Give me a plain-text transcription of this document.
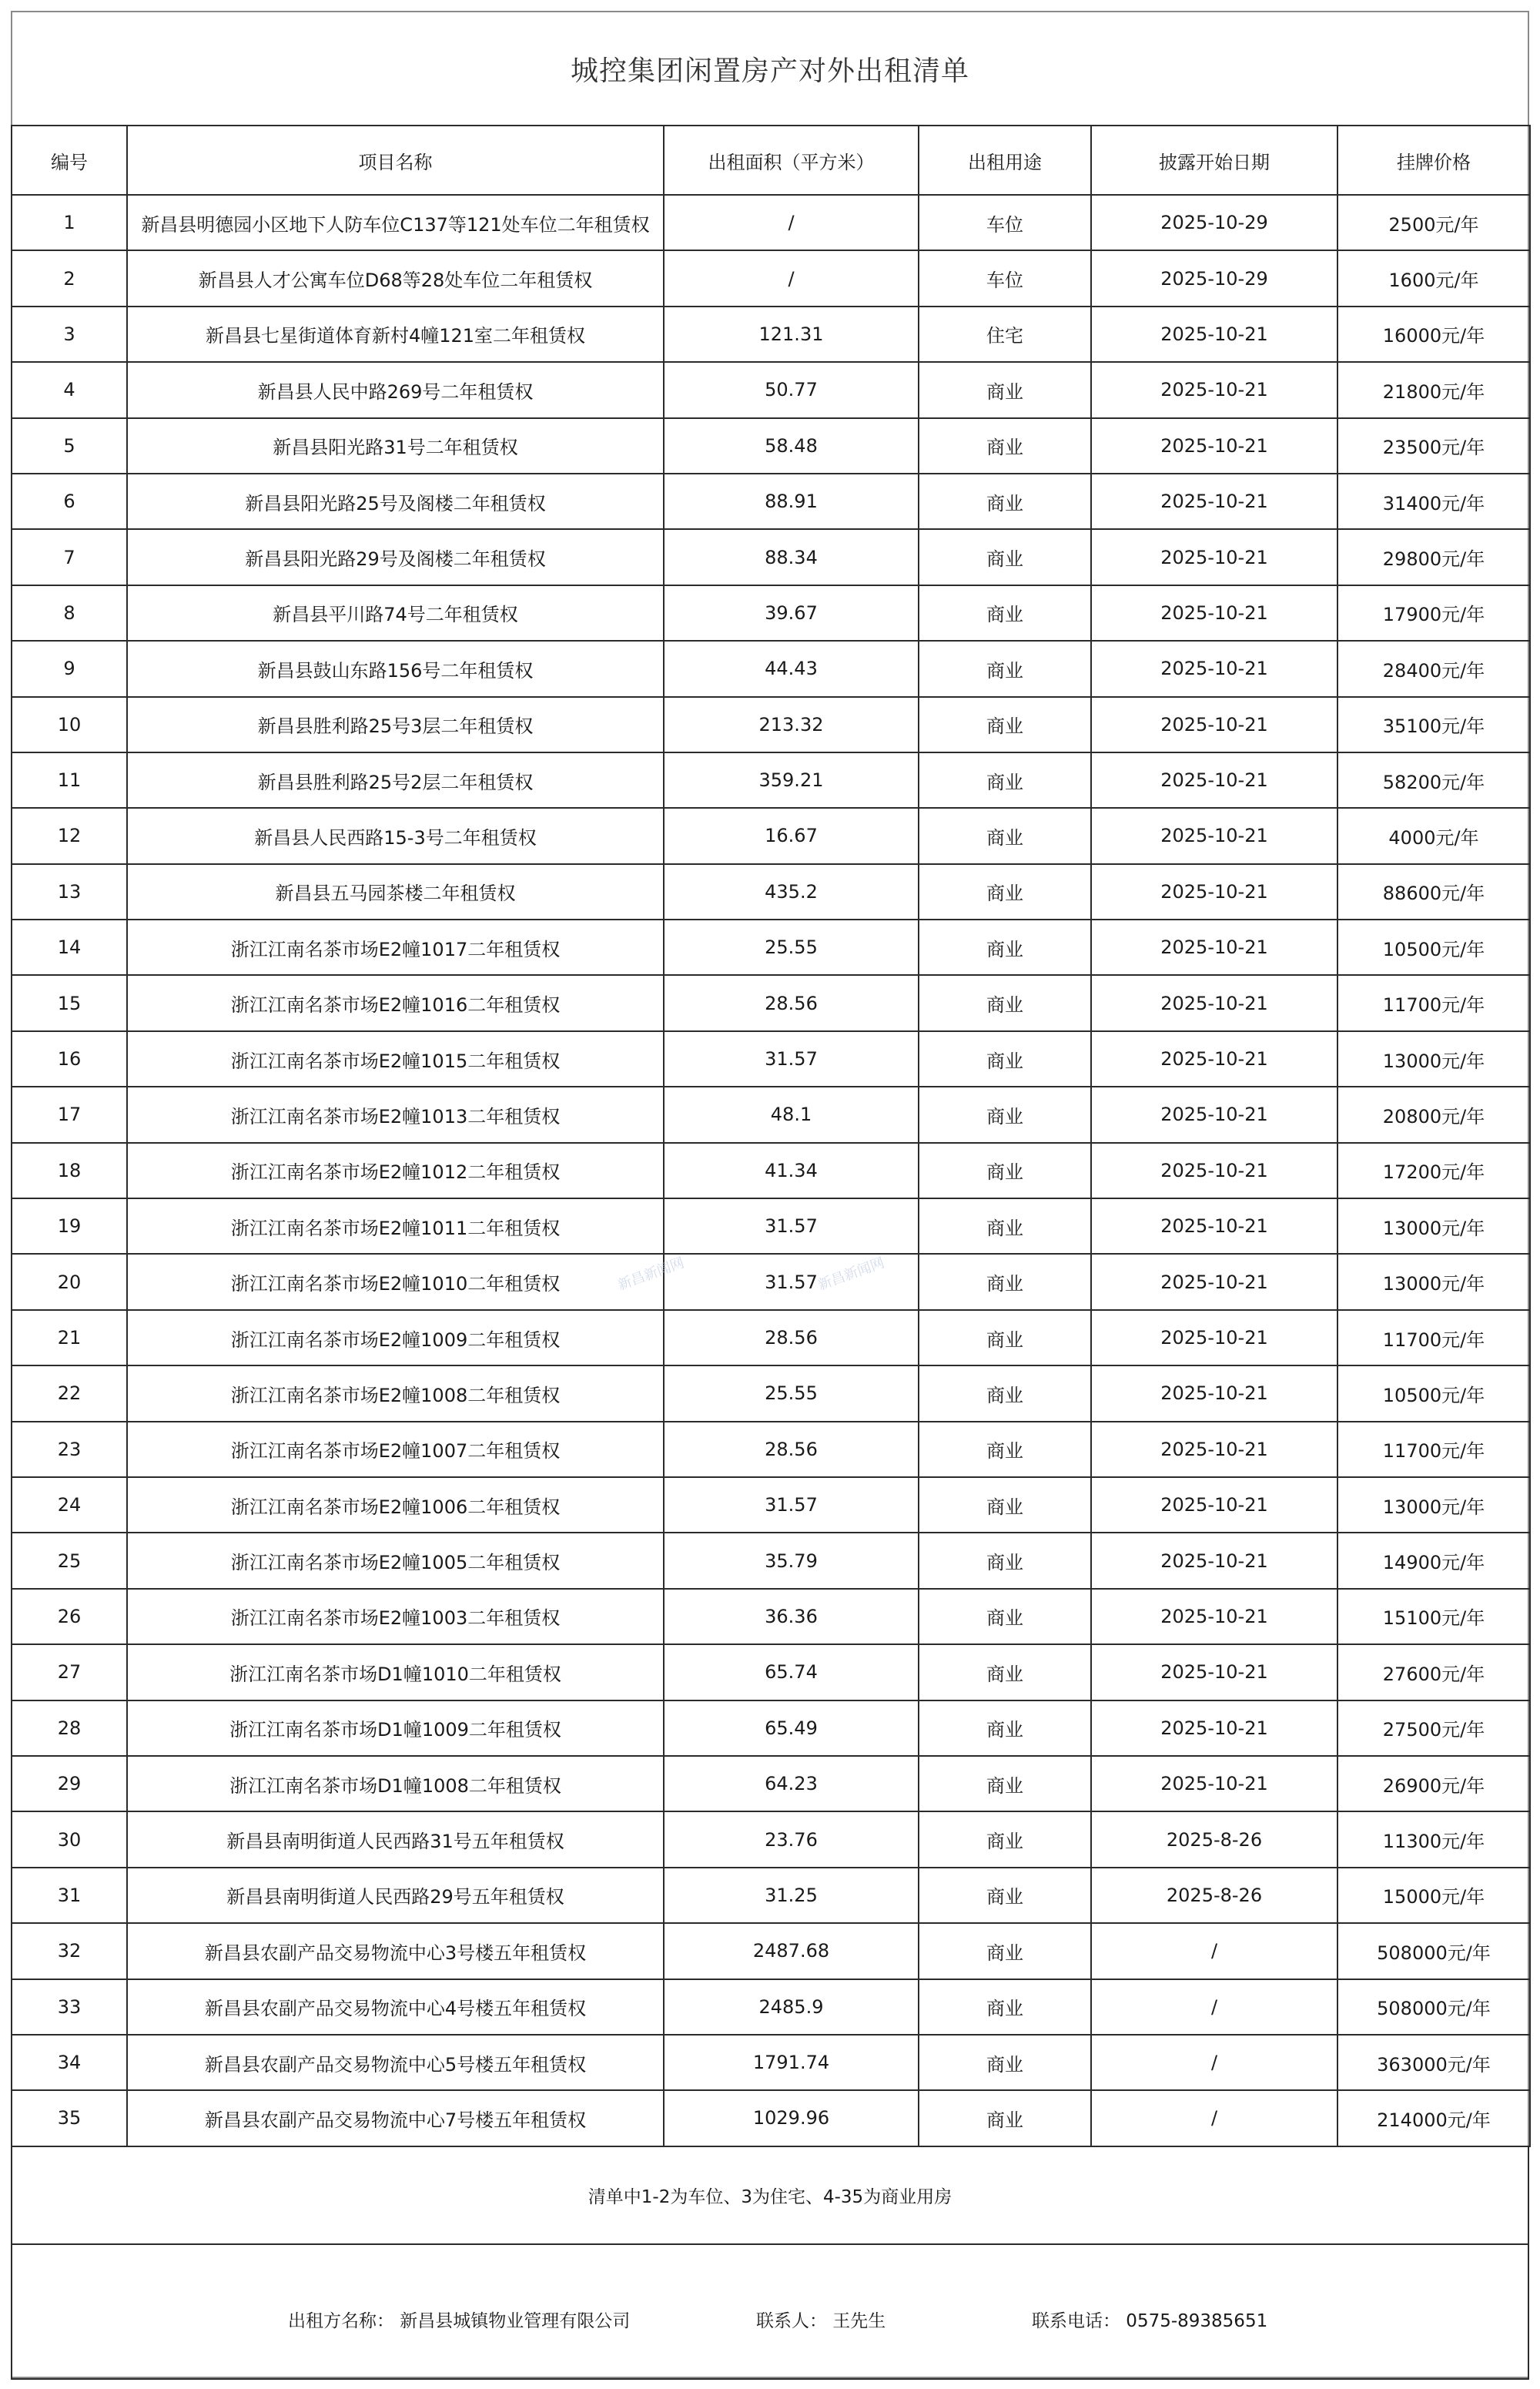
城控集团闲置房产对外出租清单
编号	项目名称	出租面积（平方米）	出租用途	披露开始日期	挂牌价格
1	新昌县明德园小区地下人防车位C137等121处车位二年租赁权	/	车位	2025-10-29	2500元/年
2	新昌县人才公寓车位D68等28处车位二年租赁权	/	车位	2025-10-29	1600元/年
3	新昌县七星街道体育新村4幢121室二年租赁权	121.31	住宅	2025-10-21	16000元/年
4	新昌县人民中路269号二年租赁权	50.77	商业	2025-10-21	21800元/年
5	新昌县阳光路31号二年租赁权	58.48	商业	2025-10-21	23500元/年
6	新昌县阳光路25号及阁楼二年租赁权	88.91	商业	2025-10-21	31400元/年
7	新昌县阳光路29号及阁楼二年租赁权	88.34	商业	2025-10-21	29800元/年
8	新昌县平川路74号二年租赁权	39.67	商业	2025-10-21	17900元/年
9	新昌县鼓山东路156号二年租赁权	44.43	商业	2025-10-21	28400元/年
10	新昌县胜利路25号3层二年租赁权	213.32	商业	2025-10-21	35100元/年
11	新昌县胜利路25号2层二年租赁权	359.21	商业	2025-10-21	58200元/年
12	新昌县人民西路15-3号二年租赁权	16.67	商业	2025-10-21	4000元/年
13	新昌县五马园茶楼二年租赁权	435.2	商业	2025-10-21	88600元/年
14	浙江江南名茶市场E2幢1017二年租赁权	25.55	商业	2025-10-21	10500元/年
15	浙江江南名茶市场E2幢1016二年租赁权	28.56	商业	2025-10-21	11700元/年
16	浙江江南名茶市场E2幢1015二年租赁权	31.57	商业	2025-10-21	13000元/年
17	浙江江南名茶市场E2幢1013二年租赁权	48.1	商业	2025-10-21	20800元/年
18	浙江江南名茶市场E2幢1012二年租赁权	41.34	商业	2025-10-21	17200元/年
19	浙江江南名茶市场E2幢1011二年租赁权	31.57	商业	2025-10-21	13000元/年
20	浙江江南名茶市场E2幢1010二年租赁权	31.57	商业	2025-10-21	13000元/年
21	浙江江南名茶市场E2幢1009二年租赁权	28.56	商业	2025-10-21	11700元/年
22	浙江江南名茶市场E2幢1008二年租赁权	25.55	商业	2025-10-21	10500元/年
23	浙江江南名茶市场E2幢1007二年租赁权	28.56	商业	2025-10-21	11700元/年
24	浙江江南名茶市场E2幢1006二年租赁权	31.57	商业	2025-10-21	13000元/年
25	浙江江南名茶市场E2幢1005二年租赁权	35.79	商业	2025-10-21	14900元/年
26	浙江江南名茶市场E2幢1003二年租赁权	36.36	商业	2025-10-21	15100元/年
27	浙江江南名茶市场D1幢1010二年租赁权	65.74	商业	2025-10-21	27600元/年
28	浙江江南名茶市场D1幢1009二年租赁权	65.49	商业	2025-10-21	27500元/年
29	浙江江南名茶市场D1幢1008二年租赁权	64.23	商业	2025-10-21	26900元/年
30	新昌县南明街道人民西路31号五年租赁权	23.76	商业	2025-8-26	11300元/年
31	新昌县南明街道人民西路29号五年租赁权	31.25	商业	2025-8-26	15000元/年
32	新昌县农副产品交易物流中心3号楼五年租赁权	2487.68	商业	/	508000元/年
33	新昌县农副产品交易物流中心4号楼五年租赁权	2485.9	商业	/	508000元/年
34	新昌县农副产品交易物流中心5号楼五年租赁权	1791.74	商业	/	363000元/年
35	新昌县农副产品交易物流中心7号楼五年租赁权	1029.96	商业	/	214000元/年
清单中1-2为车位、3为住宅、4-35为商业用房
出租方名称： 新昌县城镇物业管理有限公司	联系人： 王先生	联系电话： 0575-89385651
新昌新闻网	新昌新闻网
